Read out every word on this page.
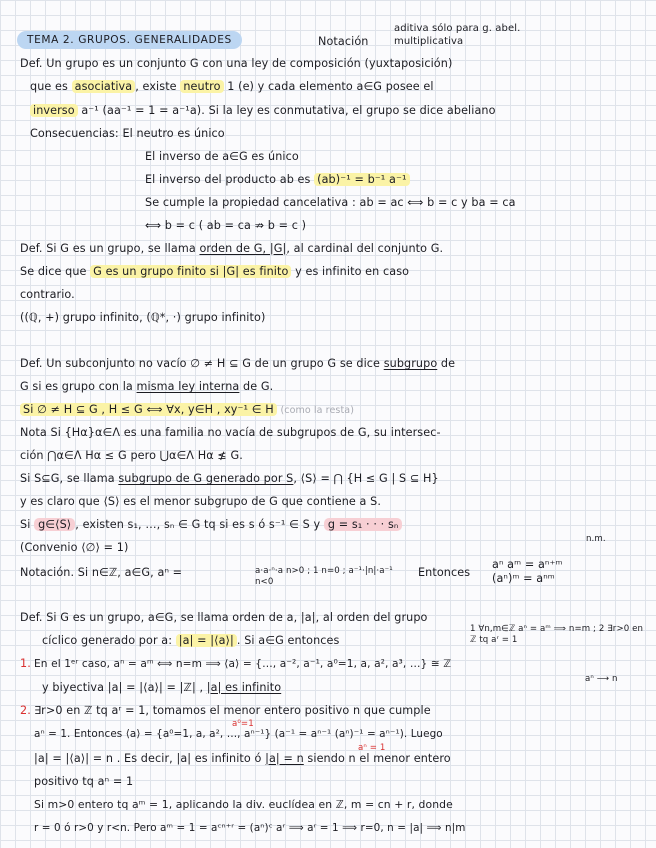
TEMA 2. GRUPOS. GENERALIDADES	Notación
aditiva sólo para g. abel.
multiplicativa
Def. Un grupo es un conjunto G con una ley de composición (yuxtaposición)
que es asociativa , existe neutro 1 (e) y cada elemento a∈G posee el
inverso a⁻¹ (aa⁻¹ = 1 = a⁻¹a). Si la ley es conmutativa, el grupo se dice abeliano
Consecuencias: El neutro es único
El inverso de a∈G es único
El inverso del producto ab es (ab)⁻¹ = b⁻¹ a⁻¹
Se cumple la propiedad cancelativa : ab = ac ⟺ b = c y ba = ca
⟺ b = c ( ab = ca ⇏ b = c )
Def. Si G es un grupo, se llama orden de G, |G|, al cardinal del conjunto G.
Se dice que G es un grupo finito si |G| es finito y es infinito en caso
contrario.
((ℚ, +) grupo infinito, (ℚ*, ·) grupo infinito)
Def. Un subconjunto no vacío ∅ ≠ H ⊆ G de un grupo G se dice subgrupo de
G si es grupo con la misma ley interna de G.
Si ∅ ≠ H ⊆ G , H ≤ G ⟺ ∀x, y∈H , xy⁻¹ ∈ H (como la resta)
Nota Si {Hα}α∈Λ es una familia no vacía de subgrupos de G, su intersec-
ción ⋂α∈Λ Hα ≤ G pero ⋃α∈Λ Hα ≰ G.
Si S⊆G, se llama subgrupo de G generado por S, ⟨S⟩ = ⋂ {H ≤ G | S ⊆ H}
y es claro que ⟨S⟩ es el menor subgrupo de G que contiene a S.
Si g∈⟨S⟩ , existen s₁, …, sₙ ∈ G tq si es s ó s⁻¹ ∈ S y g = s₁ · · · sₙ
n.m.
(Convenio ⟨∅⟩ = 1)
Notación. Si n∈ℤ, a∈G, aⁿ =	a·a·ⁿ·a n>0 ; 1 n=0 ; a⁻¹·|n|·a⁻¹ n<0
Entonces
aⁿ aᵐ = aⁿ⁺ᵐ
(aⁿ)ᵐ = aⁿᵐ
Def. Si G es un grupo, a∈G, se llama orden de a, |a|, al orden del grupo
cíclico generado por a: |a| = |⟨a⟩| . Si a∈G entonces
1 ∀n,m∈ℤ aⁿ = aᵐ ⟹ n=m ; 2 ∃r>0 en ℤ tq aʳ = 1
1. En el 1ᵉʳ caso, aⁿ = aᵐ ⟺ n=m ⟹ ⟨a⟩ = {…, a⁻², a⁻¹, a⁰=1, a, a², a³, …} ≅ ℤ
aⁿ ⟶ n
y biyectiva |a| = |⟨a⟩| = |ℤ| , |a| es infinito
2. ∃r>0 en ℤ tq aʳ = 1, tomamos el menor entero positivo n que cumple
a⁰=1
aⁿ = 1. Entonces ⟨a⟩ = {a⁰=1, a, a², …, aⁿ⁻¹} (a⁻¹ = aⁿ⁻¹ (aⁿ)⁻¹ = aⁿ⁻¹). Luego
aⁿ = 1
|a| = |⟨a⟩| = n . Es decir, |a| es infinito ó |a| = n siendo n el menor entero
positivo tq aⁿ = 1
Si m>0 entero tq aᵐ = 1, aplicando la div. euclídea en ℤ, m = cn + r, donde
r = 0 ó r>0 y r<n. Pero aᵐ = 1 = aᶜⁿ⁺ʳ = (aⁿ)ᶜ aʳ ⟹ aʳ = 1 ⟹ r=0, n = |a| ⟹ n|m
